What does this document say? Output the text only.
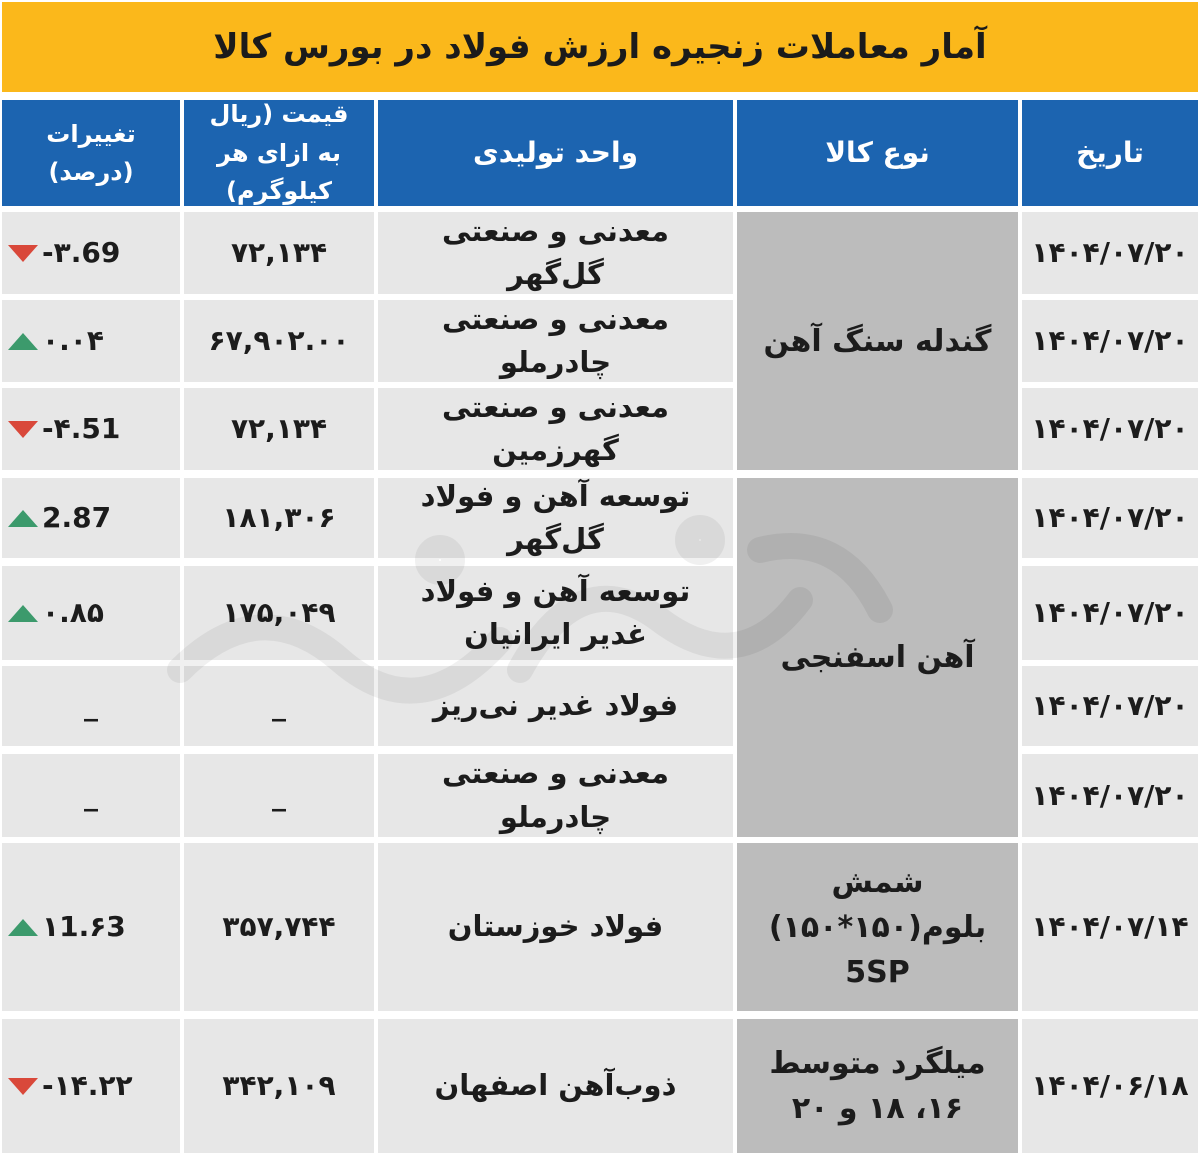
آمار معاملات زنجیره ارزش فولاد در بورس کالا
تاریخ
نوع کالا
واحد تولیدی
قیمت (ریال به ازای هر کیلوگرم)
تغییرات (درصد)
گندله سنگ آهن
آهن اسفنجی
شمش بلوم(۱۵۰*۱۵۰) 5SP
میلگرد متوسط ۱۶، ۱۸ و ۲۰
۱۴۰۴/۰۷/۲۰
معدنی و صنعتی گل‌گهر
۷۲,۱۳۴
-۳.69
۱۴۰۴/۰۷/۲۰
معدنی و صنعتی چادرملو
۶۷,۹۰۲.۰۰
۰.۰۴
۱۴۰۴/۰۷/۲۰
معدنی و صنعتی گهرزمین
۷۲,۱۳۴
-۴.51
۱۴۰۴/۰۷/۲۰
توسعه آهن و فولاد گل‌گهر
۱۸۱,۳۰۶
2.87
۱۴۰۴/۰۷/۲۰
توسعه آهن و فولاد غدیر ایرانیان
۱۷۵,۰۴۹
۰.۸۵
۱۴۰۴/۰۷/۲۰
فولاد غدیر نی‌ریز
_
_
۱۴۰۴/۰۷/۲۰
معدنی و صنعتی چادرملو
_
_
۱۴۰۴/۰۷/۱۴
فولاد خوزستان
۳۵۷,۷۴۴
۱1.۶3
۱۴۰۴/۰۶/۱۸
ذوب‌آهن اصفهان
۳۴۲,۱۰۹
-۱۴.۲۲
